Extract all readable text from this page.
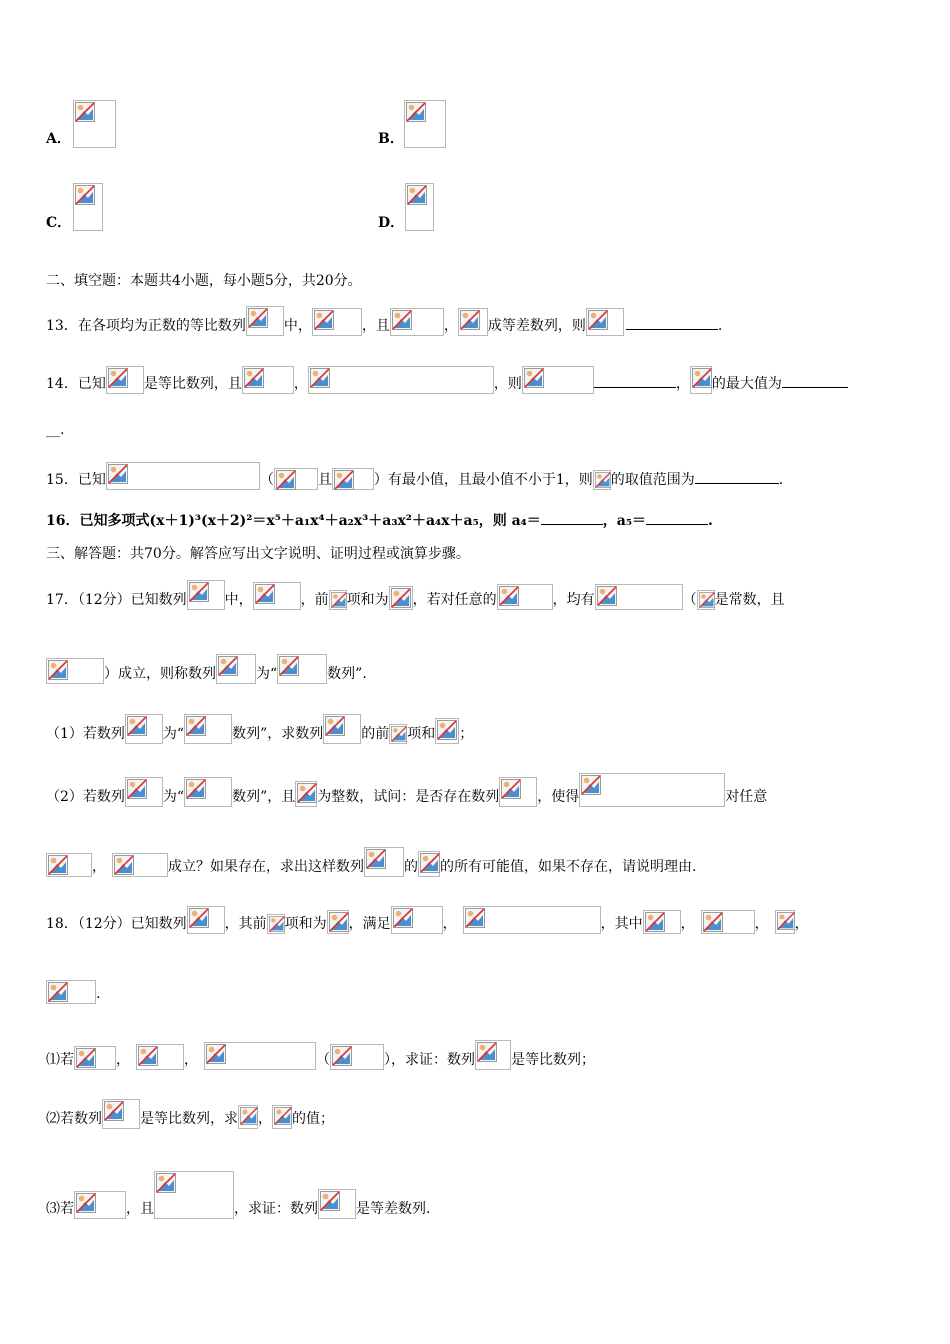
A．	B．
C．	D．
二、填空题：本题共4小题，每小题5分，共20分。
13．在各项均为正数的等比数列	中，	，且	， 成等差数列，则	.
14．已知	是等比数列，且	，	，则	， 的最大值为
__.
15．已知	（	且	）有最小值，且最小值不小于1，则 的取值范围为	.
16．已知多项式(x＋1)³(x＋2)²＝x⁵＋a₁x⁴＋a₂x³＋a₃x²＋a₄x＋a₅，则 a₄＝	，a₅＝	.
三、解答题：共70分。解答应写出文字说明、证明过程或演算步骤。
17．（12分）已知数列	中，	，前 项和为 ，若对任意的	，均有	（ 是常数，且
）成立，则称数列	为“	数列”.
（1）若数列	为“	数列”，求数列	的前 项和 ；
（2）若数列	为“	数列”，且 为整数，试问：是否存在数列	，使得	对任意
，	成立？如果存在，求出这样数列	的 的所有可能值，如果不存在，请说明理由.
18．（12分）已知数列	，其前 项和为 ，满足	，	，其中	，	， ，
.
⑴若	，	，	（	），求证：数列	是等比数列；
⑵若数列	是等比数列，求 ， 的值；
⑶若	，且	，求证：数列	是等差数列.
